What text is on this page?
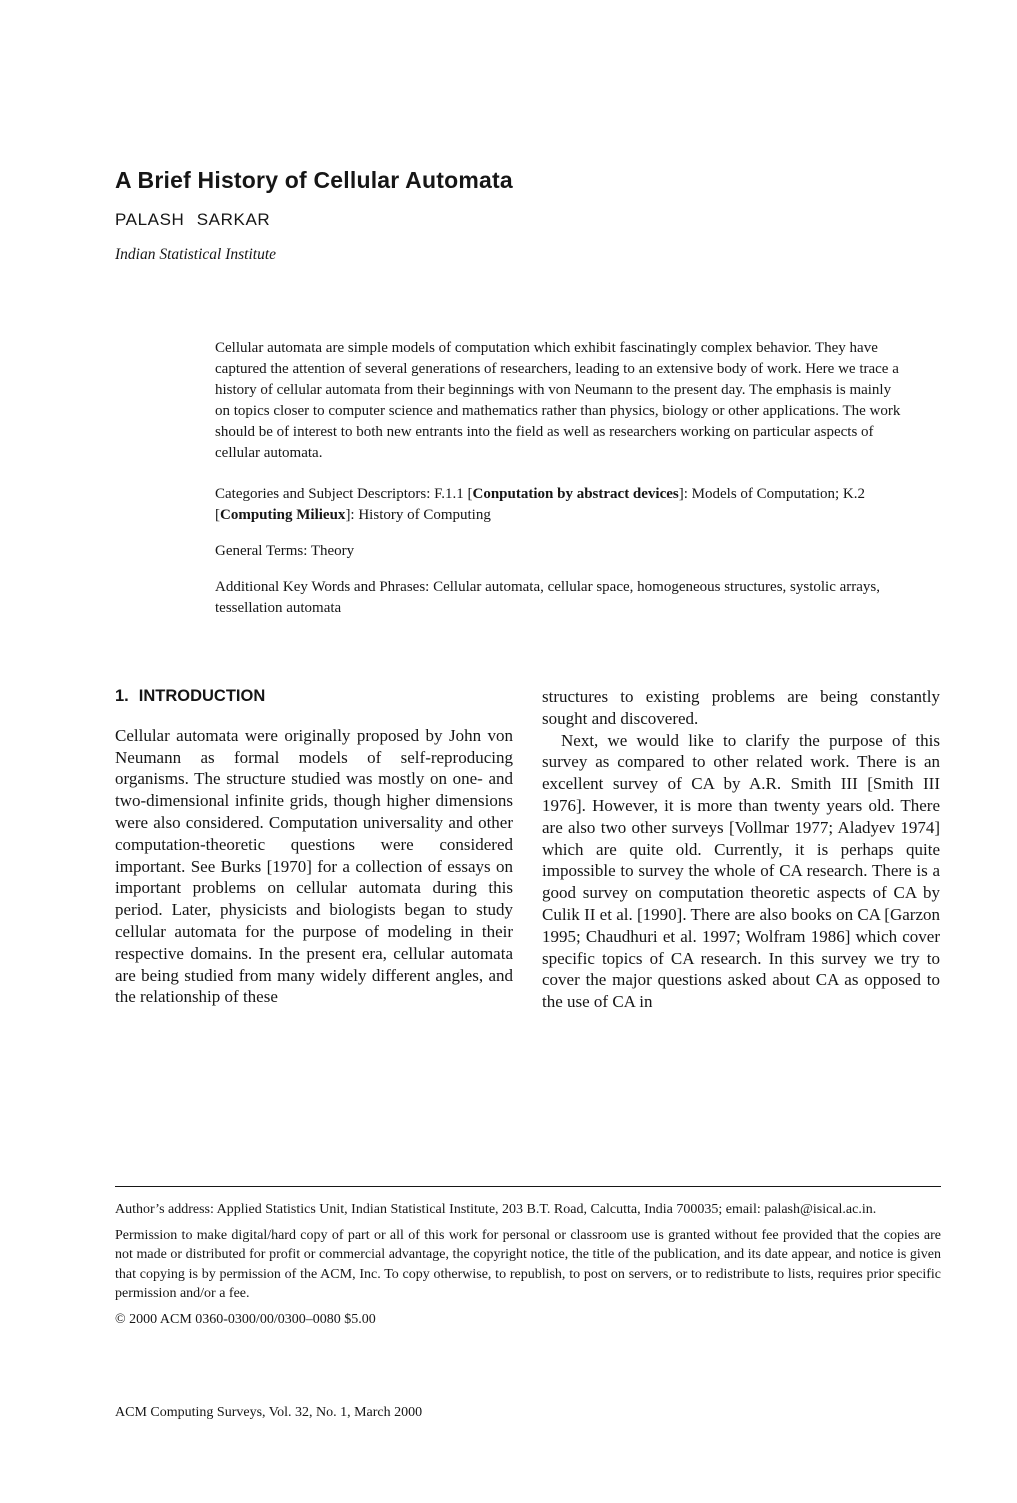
A Brief History of Cellular Automata
PALASH SARKAR
Indian Statistical Institute

Cellular automata are simple models of computation which exhibit fascinatingly complex behavior. They have captured the attention of several generations of researchers, leading to an extensive body of work. Here we trace a history of cellular automata from their beginnings with von Neumann to the present day. The emphasis is mainly on topics closer to computer science and mathematics rather than physics, biology or other applications. The work should be of interest to both new entrants into the field as well as researchers working on particular aspects of cellular automata.

Categories and Subject Descriptors: F.1.1 [Conputation by abstract devices]: Models of Computation; K.2 [Computing Milieux]: History of Computing

General Terms: Theory

Additional Key Words and Phrases: Cellular automata, cellular space, homogeneous structures, systolic arrays, tessellation automata

1. INTRODUCTION

Cellular automata were originally proposed by John von Neumann as formal models of self-reproducing organisms. The structure studied was mostly on one- and two-dimensional infinite grids, though higher dimensions were also considered. Computation universality and other computation-theoretic questions were considered important. See Burks [1970] for a collection of essays on important problems on cellular automata during this period. Later, physicists and biologists began to study cellular automata for the purpose of modeling in their respective domains. In the present era, cellular automata are being studied from many widely different angles, and the relationship of these

structures to existing problems are being constantly sought and discovered.

Next, we would like to clarify the purpose of this survey as compared to other related work. There is an excellent survey of CA by A.R. Smith III [Smith III 1976]. However, it is more than twenty years old. There are also two other surveys [Vollmar 1977; Aladyev 1974] which are quite old. Currently, it is perhaps quite impossible to survey the whole of CA research. There is a good survey on computation theoretic aspects of CA by Culik II et al. [1990]. There are also books on CA [Garzon 1995; Chaudhuri et al. 1997; Wolfram 1986] which cover specific topics of CA research. In this survey we try to cover the major questions asked about CA as opposed to the use of CA in

Author’s address: Applied Statistics Unit, Indian Statistical Institute, 203 B.T. Road, Calcutta, India 700035; email: palash@isical.ac.in.

Permission to make digital/hard copy of part or all of this work for personal or classroom use is granted without fee provided that the copies are not made or distributed for profit or commercial advantage, the copyright notice, the title of the publication, and its date appear, and notice is given that copying is by permission of the ACM, Inc. To copy otherwise, to republish, to post on servers, or to redistribute to lists, requires prior specific permission and/or a fee.

© 2000 ACM 0360-0300/00/0300–0080 $5.00

ACM Computing Surveys, Vol. 32, No. 1, March 2000
